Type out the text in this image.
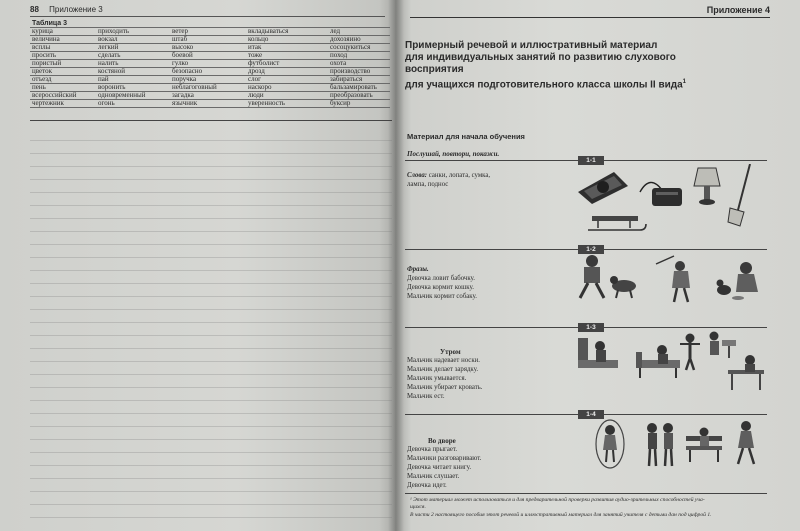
88 Приложение 3
Таблица 3
курица	приходить	ветер	вкладываться	лед
величина	вокзал	штаб	кольцо	дохозяино
всплы	легкий	высоко	итак	сосоцукиться
просить	сделать	боевой	тоже	поход
пористый	налить	гулко	футболист	охота
цветок	костяной	безопасно	дрозд	производство
отъезд	пай	поручка	слог	забираться
пень	воронить	неблагоговный	наскоро	бальзамировать
всероссийский	одновременный	загадка	люди	преобразовать
чертежник	огонь	язычник	уверенность	буксир
Приложение 4
Примерный речевой и иллюстративный материал
для индивидуальных занятий по развитию слухового восприятия
для учащихся подготовительного класса школы II вида$^1$
Материал для начала обучения
Послушай, повтори, покажи.
1-1
Слова: санки, лопата, сумка,
лампа, поднос
1-2
Фразы.
Девочка ловит бабочку.
Девочка кормит кошку.
Мальчик кормит собаку.
1-3
Утром
Мальчик надевает носки.
Мальчик делает зарядку.
Мальчик умывается.
Мальчик убирает кровать.
Мальчик ест.
1-4
Во дворе
Девочка прыгает.
Мальчики разговаривают.
Девочка читает книгу.
Мальчик слушает.
Девочка идет.
¹ Этот материал может использоваться и для предварительной проверки развития аудио-зрительных способностей уча-
щихся.
В части 2 настоящего пособия этот речевой и иллюстративный материал для занятий учителя с детьми дан под цифрой 1.
